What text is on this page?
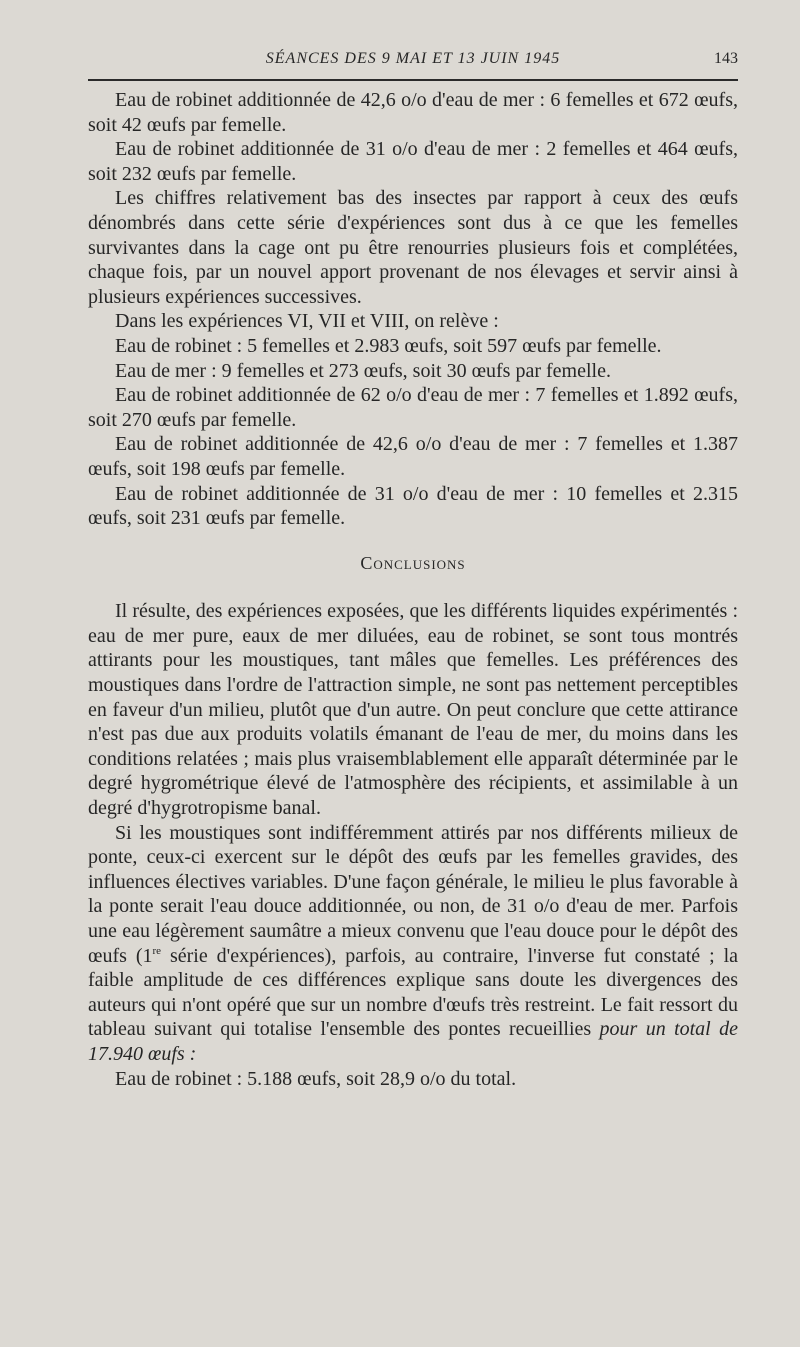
SÉANCES DES 9 MAI ET 13 JUIN 1945	143

Eau de robinet additionnée de 42,6 o/o d'eau de mer : 6 femelles et 672 œufs, soit 42 œufs par femelle.

Eau de robinet additionnée de 31 o/o d'eau de mer : 2 femelles et 464 œufs, soit 232 œufs par femelle.

Les chiffres relativement bas des insectes par rapport à ceux des œufs dénombrés dans cette série d'expériences sont dus à ce que les femelles survivantes dans la cage ont pu être renourries plusieurs fois et complétées, chaque fois, par un nouvel apport provenant de nos élevages et servir ainsi à plusieurs expériences successives.

Dans les expériences VI, VII et VIII, on relève :

Eau de robinet : 5 femelles et 2.983 œufs, soit 597 œufs par femelle.

Eau de mer : 9 femelles et 273 œufs, soit 30 œufs par femelle.

Eau de robinet additionnée de 62 o/o d'eau de mer : 7 femelles et 1.892 œufs, soit 270 œufs par femelle.

Eau de robinet additionnée de 42,6 o/o d'eau de mer : 7 femelles et 1.387 œufs, soit 198 œufs par femelle.

Eau de robinet additionnée de 31 o/o d'eau de mer : 10 femelles et 2.315 œufs, soit 231 œufs par femelle.

Conclusions

Il résulte, des expériences exposées, que les différents liquides expérimentés : eau de mer pure, eaux de mer diluées, eau de robinet, se sont tous montrés attirants pour les moustiques, tant mâles que femelles. Les préférences des moustiques dans l'ordre de l'attraction simple, ne sont pas nettement perceptibles en faveur d'un milieu, plutôt que d'un autre. On peut conclure que cette attirance n'est pas due aux produits volatils émanant de l'eau de mer, du moins dans les conditions relatées ; mais plus vraisemblablement elle apparaît déterminée par le degré hygrométrique élevé de l'atmosphère des récipients, et assimilable à un degré d'hygrotropisme banal.

Si les moustiques sont indifféremment attirés par nos différents milieux de ponte, ceux-ci exercent sur le dépôt des œufs par les femelles gravides, des influences électives variables. D'une façon générale, le milieu le plus favorable à la ponte serait l'eau douce additionnée, ou non, de 31 o/o d'eau de mer. Parfois une eau légèrement saumâtre a mieux convenu que l'eau douce pour le dépôt des œufs (1re série d'expériences), parfois, au contraire, l'inverse fut constaté ; la faible amplitude de ces différences explique sans doute les divergences des auteurs qui n'ont opéré que sur un nombre d'œufs très restreint. Le fait ressort du tableau suivant qui totalise l'ensemble des pontes recueillies pour un total de 17.940 œufs :

Eau de robinet : 5.188 œufs, soit 28,9 o/o du total.
